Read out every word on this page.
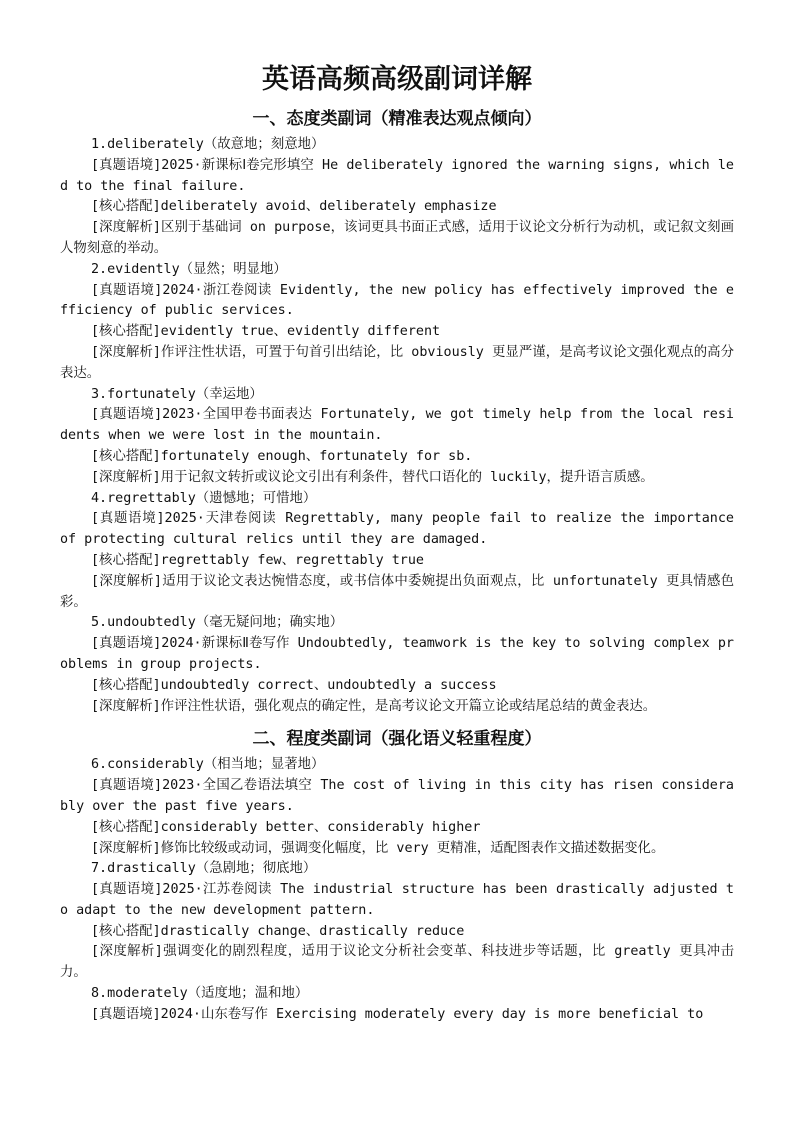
英语高频高级副词详解
一、态度类副词（精准表达观点倾向）
1.deliberately（故意地；刻意地）
[真题语境]2025·新课标Ⅰ卷完形填空 He deliberately ignored the warning signs, which led to the final failure.
[核心搭配]deliberately avoid、deliberately emphasize
[深度解析]区别于基础词 on purpose，该词更具书面正式感，适用于议论文分析行为动机，或记叙文刻画人物刻意的举动。
2.evidently（显然；明显地）
[真题语境]2024·浙江卷阅读 Evidently, the new policy has effectively improved the efficiency of public services.
[核心搭配]evidently true、evidently different
[深度解析]作评注性状语，可置于句首引出结论，比 obviously 更显严谨，是高考议论文强化观点的高分表达。
3.fortunately（幸运地）
[真题语境]2023·全国甲卷书面表达 Fortunately, we got timely help from the local residents when we were lost in the mountain.
[核心搭配]fortunately enough、fortunately for sb.
[深度解析]用于记叙文转折或议论文引出有利条件，替代口语化的 luckily，提升语言质感。
4.regrettably（遗憾地；可惜地）
[真题语境]2025·天津卷阅读 Regrettably, many people fail to realize the importance of protecting cultural relics until they are damaged.
[核心搭配]regrettably few、regrettably true
[深度解析]适用于议论文表达惋惜态度，或书信体中委婉提出负面观点，比 unfortunately 更具情感色彩。
5.undoubtedly（毫无疑问地；确实地）
[真题语境]2024·新课标Ⅱ卷写作 Undoubtedly, teamwork is the key to solving complex problems in group projects.
[核心搭配]undoubtedly correct、undoubtedly a success
[深度解析]作评注性状语，强化观点的确定性，是高考议论文开篇立论或结尾总结的黄金表达。
二、程度类副词（强化语义轻重程度）
6.considerably（相当地；显著地）
[真题语境]2023·全国乙卷语法填空 The cost of living in this city has risen considerably over the past five years.
[核心搭配]considerably better、considerably higher
[深度解析]修饰比较级或动词，强调变化幅度，比 very 更精准，适配图表作文描述数据变化。
7.drastically（急剧地；彻底地）
[真题语境]2025·江苏卷阅读 The industrial structure has been drastically adjusted to adapt to the new development pattern.
[核心搭配]drastically change、drastically reduce
[深度解析]强调变化的剧烈程度，适用于议论文分析社会变革、科技进步等话题，比 greatly 更具冲击力。
8.moderately（适度地；温和地）
[真题语境]2024·山东卷写作 Exercising moderately every day is more beneficial to
